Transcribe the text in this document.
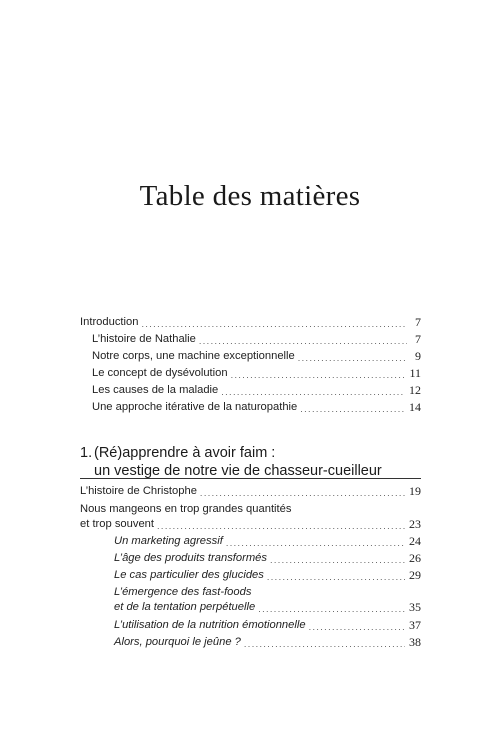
Table des matières
Introduction .....	7
L’histoire de Nathalie .....	7
Notre corps, une machine exceptionnelle .....	9
Le concept de dysévolution .....	11
Les causes de la maladie .....	12
Une approche itérative de la naturopathie .....	14
1. (Ré)apprendre à avoir faim :
un vestige de notre vie de chasseur-cueilleur
L’histoire de Christophe .....	19
Nous mangeons en trop grandes quantités
et trop souvent .....	23
Un marketing agressif .....	24
L’âge des produits transformés .....	26
Le cas particulier des glucides .....	29
L’émergence des fast-foods
et de la tentation perpétuelle .....	35
L’utilisation de la nutrition émotionnelle .....	37
Alors, pourquoi le jeûne ? .....	38
